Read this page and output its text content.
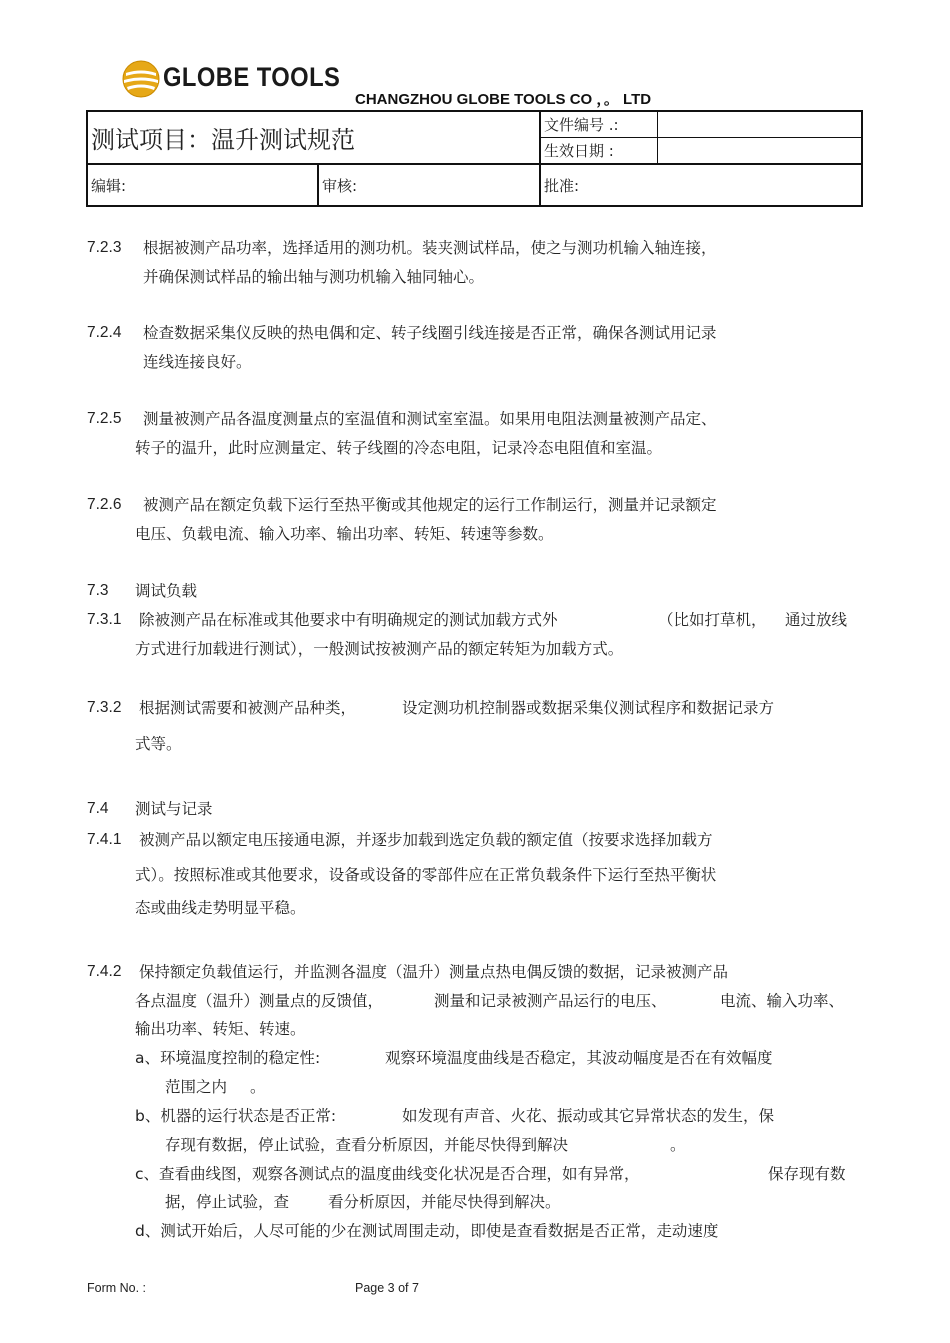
GLOBE TOOLS
CHANGZHOU GLOBE TOOLS CO ，。 LTD
测试项目：温升测试规范		文件编号 .:	
		生效日期 :	
编辑:	审核:	批准:	
7.2.3 根据被测产品功率，选择适用的测功机。装夹测试样品，使之与测功机输入轴连接，
并确保测试样品的输出轴与测功机输入轴同轴心。
7.2.4 检查数据采集仪反映的热电偶和定、转子线圈引线连接是否正常，确保各测试用记录
连线连接良好。
7.2.5 测量被测产品各温度测量点的室温值和测试室室温。如果用电阻法测量被测产品定、
转子的温升，此时应测量定、转子线圈的冷态电阻，记录冷态电阻值和室温。
7.2.6 被测产品在额定负载下运行至热平衡或其他规定的运行工作制运行，测量并记录额定
电压、负载电流、输入功率、输出功率、转矩、转速等参数。
7.3 调试负载
7.3.1 除被测产品在标准或其他要求中有明确规定的测试加载方式外	（比如打草机， 通过放线
方式进行加载进行测试），一般测试按被测产品的额定转矩为加载方式。
7.3.2 根据测试需要和被测产品种类，	设定测功机控制器或数据采集仪测试程序和数据记录方
式等。
7.4 测试与记录
7.4.1 被测产品以额定电压接通电源，并逐步加载到选定负载的额定值（按要求选择加载方
式）。按照标准或其他要求，设备或设备的零部件应在正常负载条件下运行至热平衡状
态或曲线走势明显平稳。
7.4.2 保持额定负载值运行，并监测各温度（温升）测量点热电偶反馈的数据，记录被测产品
各点温度（温升）测量点的反馈值，	测量和记录被测产品运行的电压、	电流、输入功率、
输出功率、转矩、转速。
a、环境温度控制的稳定性:	观察环境温度曲线是否稳定，其波动幅度是否在有效幅度
范围之内 。
b、机器的运行状态是否正常:	如发现有声音、火花、振动或其它异常状态的发生，保
存现有数据，停止试验，查看分析原因，并能尽快得到解决	。
c、查看曲线图，观察各测试点的温度曲线变化状况是否合理，如有异常，	保存现有数
据，停止试验，查	看分析原因，并能尽快得到解决。
d、测试开始后，人尽可能的少在测试周围走动，即使是查看数据是否正常，走动速度
Form No. :	Page 3 of 7
